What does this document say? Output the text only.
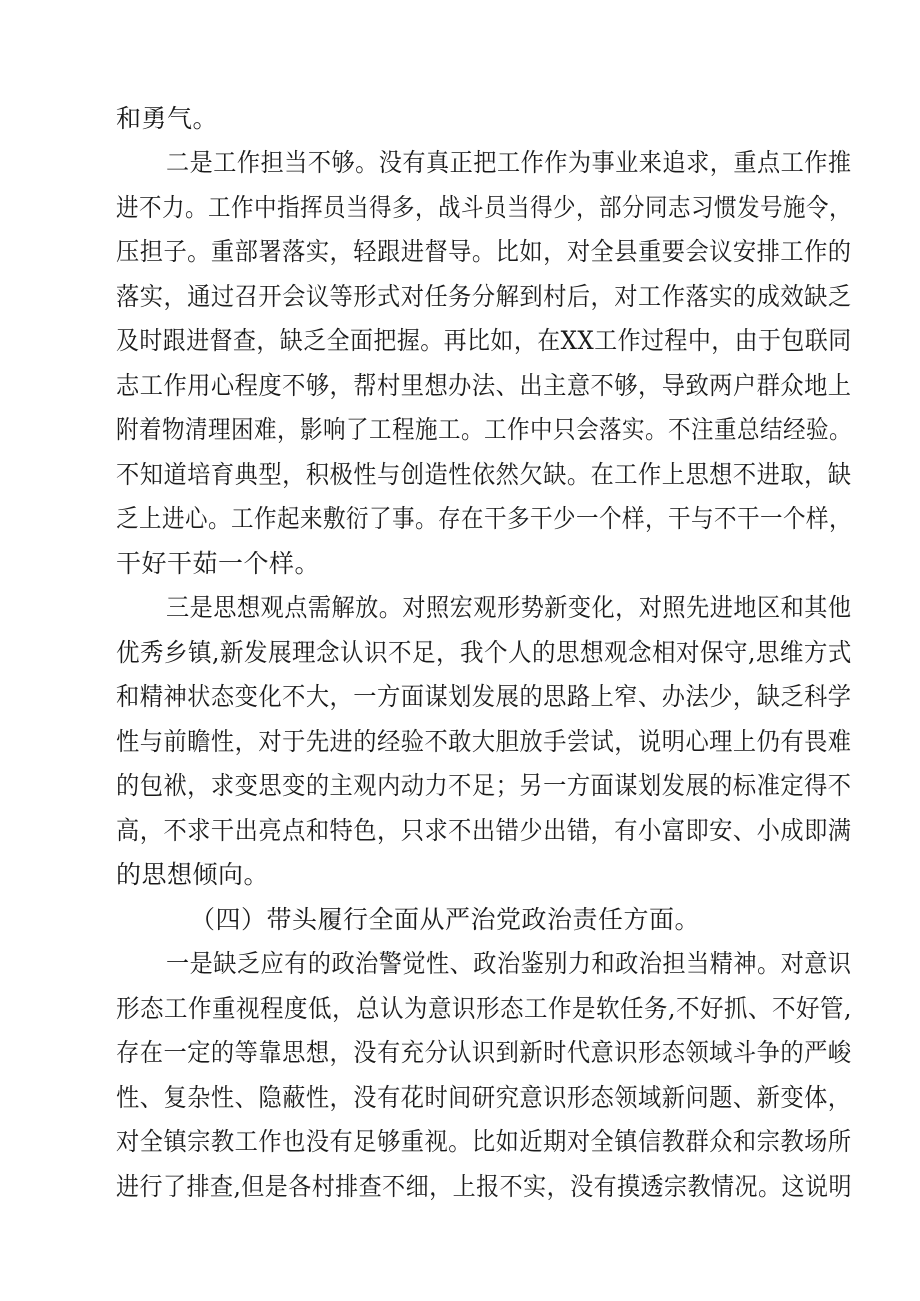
和勇气。
二是工作担当不够。没有真正把工作作为事业来追求，重点工作推
进不力。工作中指挥员当得多，战斗员当得少，部分同志习惯发号施令，
压担子。重部署落实，轻跟进督导。比如，对全县重要会议安排工作的
落实，通过召开会议等形式对任务分解到村后，对工作落实的成效缺乏
及时跟进督查，缺乏全面把握。再比如，在XX工作过程中，由于包联同
志工作用心程度不够，帮村里想办法、出主意不够，导致两户群众地上
附着物清理困难，影响了工程施工。工作中只会落实。不注重总结经验。
不知道培育典型，积极性与创造性依然欠缺。在工作上思想不进取，缺
乏上进心。工作起来敷衍了事。存在干多干少一个样，干与不干一个样，
干好干茹一个样。
三是思想观点需解放。对照宏观形势新变化，对照先进地区和其他
优秀乡镇,新发展理念认识不足，我个人的思想观念相对保守,思维方式
和精神状态变化不大，一方面谋划发展的思路上窄、办法少，缺乏科学
性与前瞻性，对于先进的经验不敢大胆放手尝试，说明心理上仍有畏难
的包袱，求变思变的主观内动力不足；另一方面谋划发展的标准定得不
高，不求干出亮点和特色，只求不出错少出错，有小富即安、小成即满
的思想倾向。
（四）带头履行全面从严治党政治责任方面。
一是缺乏应有的政治警觉性、政治鉴别力和政治担当精神。对意识
形态工作重视程度低，总认为意识形态工作是软任务,不好抓、不好管,
存在一定的等靠思想，没有充分认识到新时代意识形态领域斗争的严峻
性、复杂性、隐蔽性，没有花时间研究意识形态领域新问题、新变体，
对全镇宗教工作也没有足够重视。比如近期对全镇信教群众和宗教场所
进行了排查,但是各村排查不细，上报不实，没有摸透宗教情况。这说明
